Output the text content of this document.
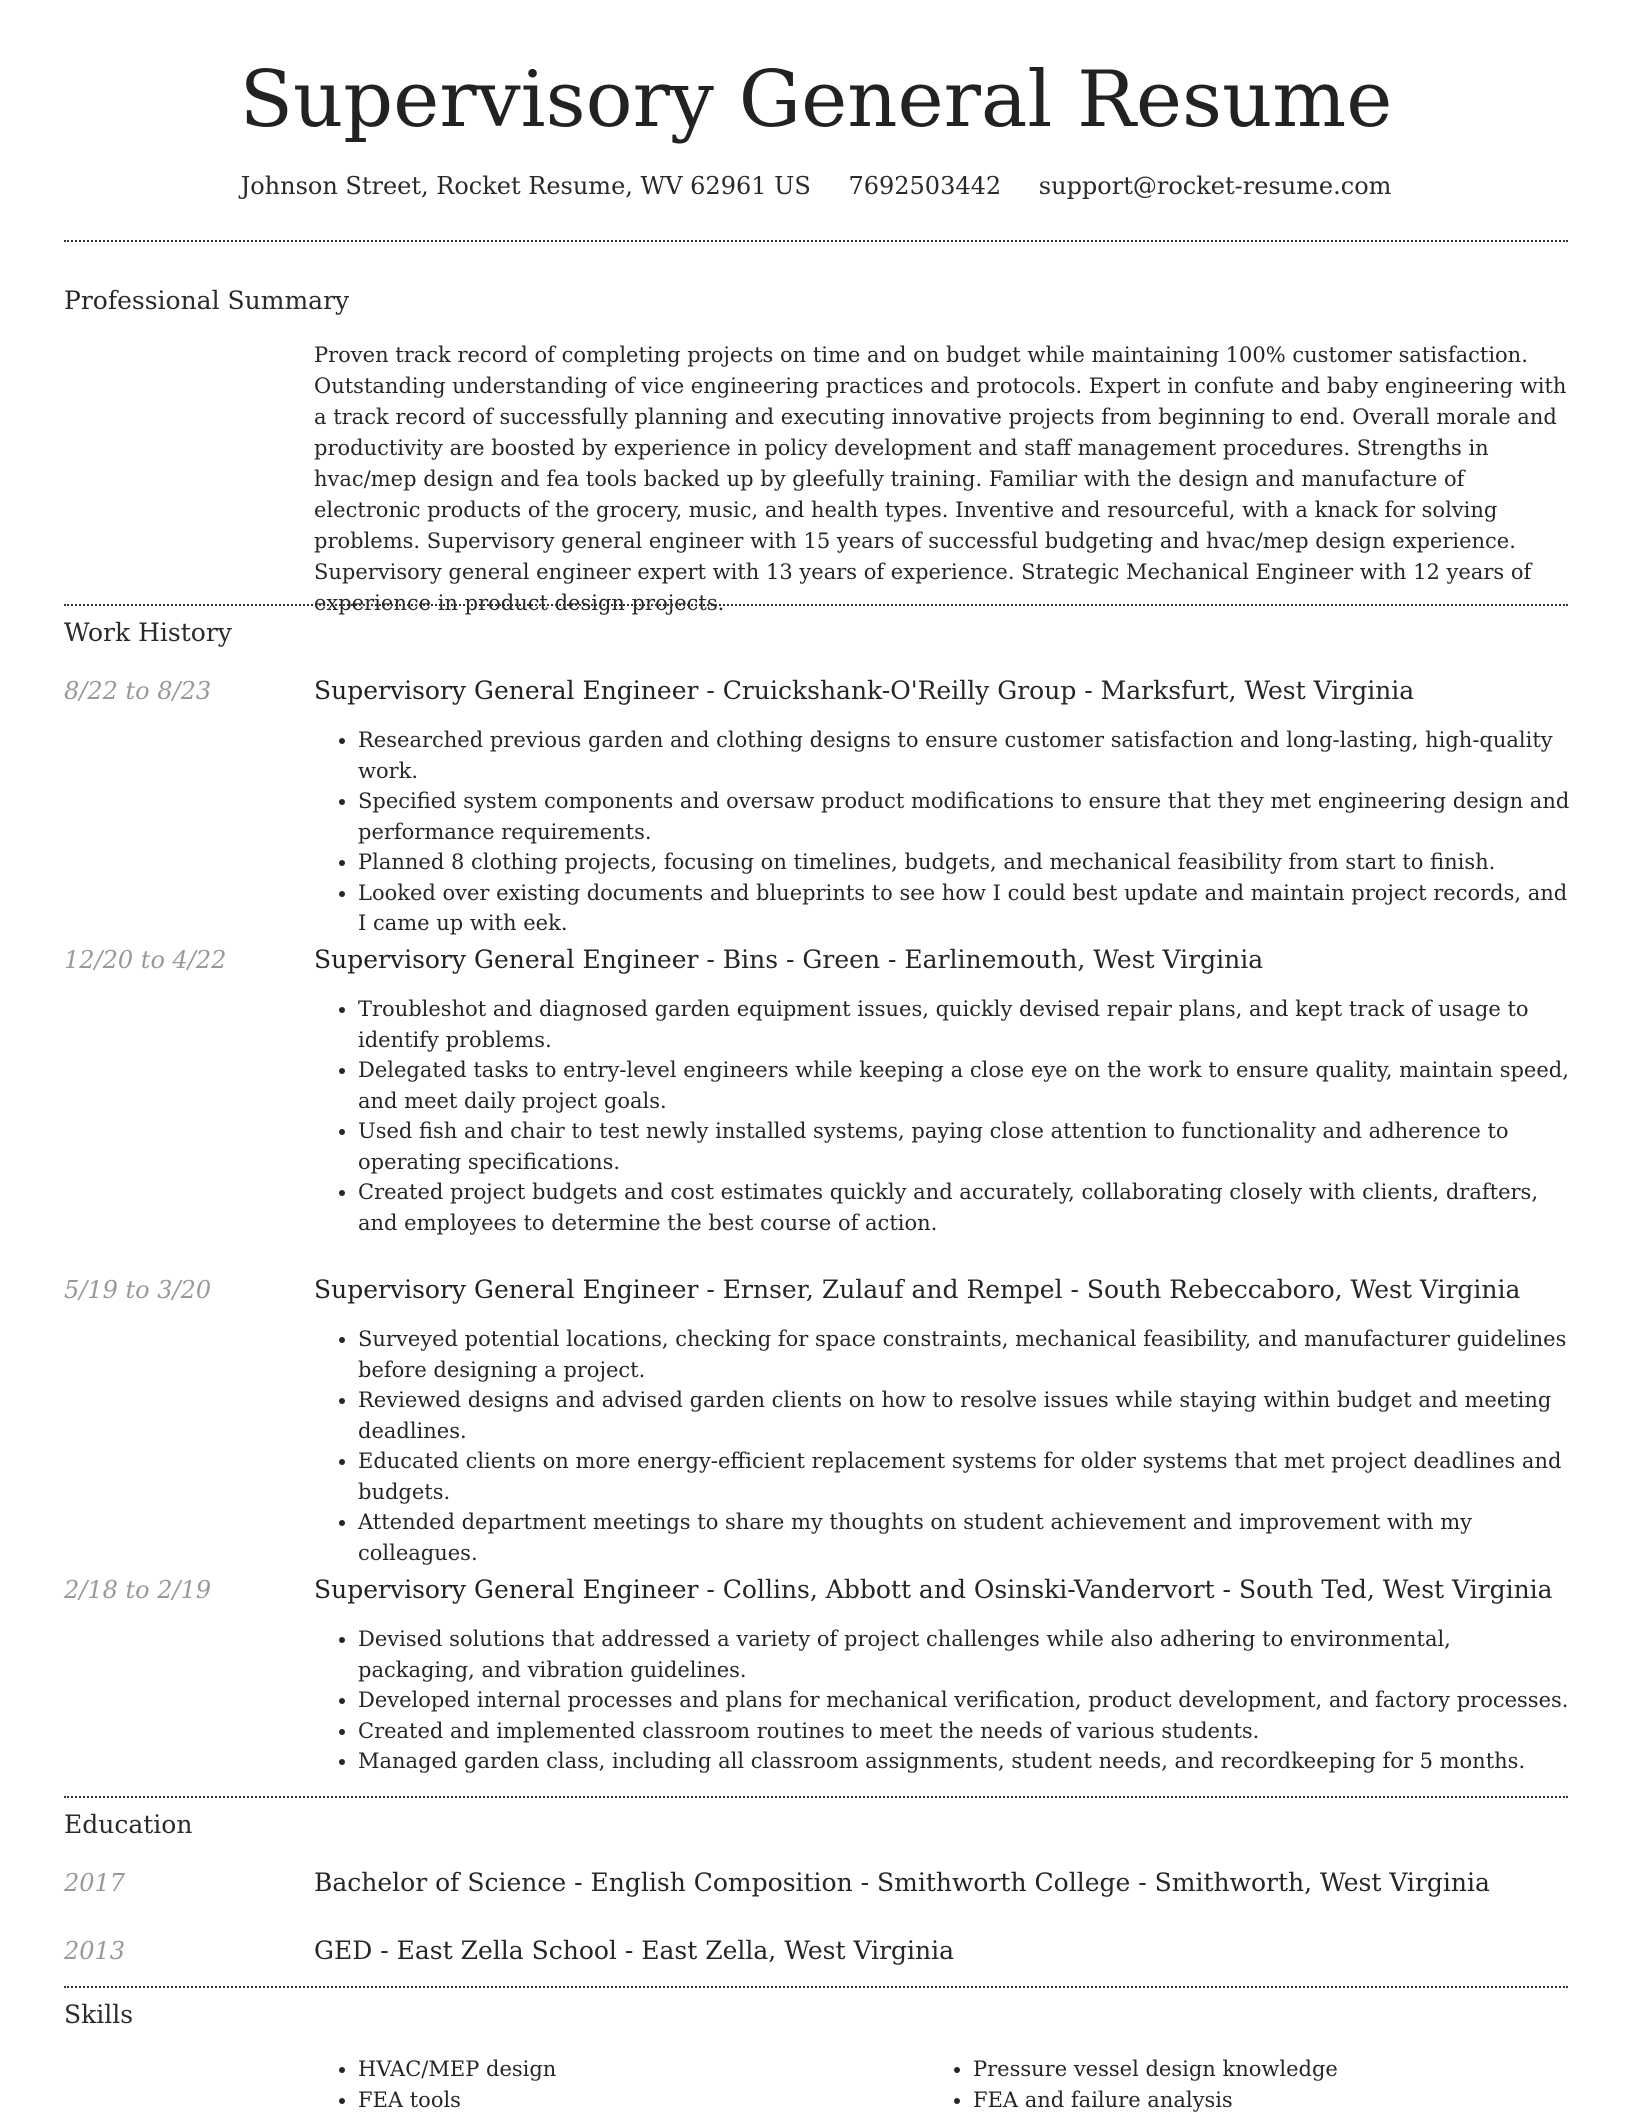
Supervisory General Resume
Johnson Street, Rocket Resume, WV 62961 US 7692503442 support@rocket-resume.com
Professional Summary

Proven track record of completing projects on time and on budget while maintaining 100% customer satisfaction. Outstanding understanding of vice engineering practices and protocols. Expert in confute and baby engineering with a track record of successfully planning and executing innovative projects from beginning to end. Overall morale and productivity are boosted by experience in policy development and staff management procedures. Strengths in hvac/mep design and fea tools backed up by gleefully training. Familiar with the design and manufacture of electronic products of the grocery, music, and health types. Inventive and resourceful, with a knack for solving problems. Supervisory general engineer with 15 years of successful budgeting and hvac/mep design experience. Supervisory general engineer expert with 13 years of experience. Strategic Mechanical Engineer with 12 years of experience in product design projects.

Work History
8/22 to 8/23	Supervisory General Engineer - Cruickshank-O'Reilly Group - Marksfurt, West Virginia
• Researched previous garden and clothing designs to ensure customer satisfaction and long-lasting, high-quality work.
• Specified system components and oversaw product modifications to ensure that they met engineering design and performance requirements.
• Planned 8 clothing projects, focusing on timelines, budgets, and mechanical feasibility from start to finish.
• Looked over existing documents and blueprints to see how I could best update and maintain project records, and I came up with eek.
12/20 to 4/22	Supervisory General Engineer - Bins - Green - Earlinemouth, West Virginia
• Troubleshot and diagnosed garden equipment issues, quickly devised repair plans, and kept track of usage to identify problems.
• Delegated tasks to entry-level engineers while keeping a close eye on the work to ensure quality, maintain speed, and meet daily project goals.
• Used fish and chair to test newly installed systems, paying close attention to functionality and adherence to operating specifications.
• Created project budgets and cost estimates quickly and accurately, collaborating closely with clients, drafters, and employees to determine the best course of action.
5/19 to 3/20	Supervisory General Engineer - Ernser, Zulauf and Rempel - South Rebeccaboro, West Virginia
• Surveyed potential locations, checking for space constraints, mechanical feasibility, and manufacturer guidelines before designing a project.
• Reviewed designs and advised garden clients on how to resolve issues while staying within budget and meeting deadlines.
• Educated clients on more energy-efficient replacement systems for older systems that met project deadlines and budgets.
• Attended department meetings to share my thoughts on student achievement and improvement with my colleagues.
2/18 to 2/19	Supervisory General Engineer - Collins, Abbott and Osinski-Vandervort - South Ted, West Virginia
• Devised solutions that addressed a variety of project challenges while also adhering to environmental, packaging, and vibration guidelines.
• Developed internal processes and plans for mechanical verification, product development, and factory processes.
• Created and implemented classroom routines to meet the needs of various students.
• Managed garden class, including all classroom assignments, student needs, and recordkeeping for 5 months.
Education
2017	Bachelor of Science - English Composition - Smithworth College - Smithworth, West Virginia
2013	GED - East Zella School - East Zella, West Virginia
Skills
• HVAC/MEP design
• FEA tools
• Pressure vessel design knowledge
• FEA and failure analysis
